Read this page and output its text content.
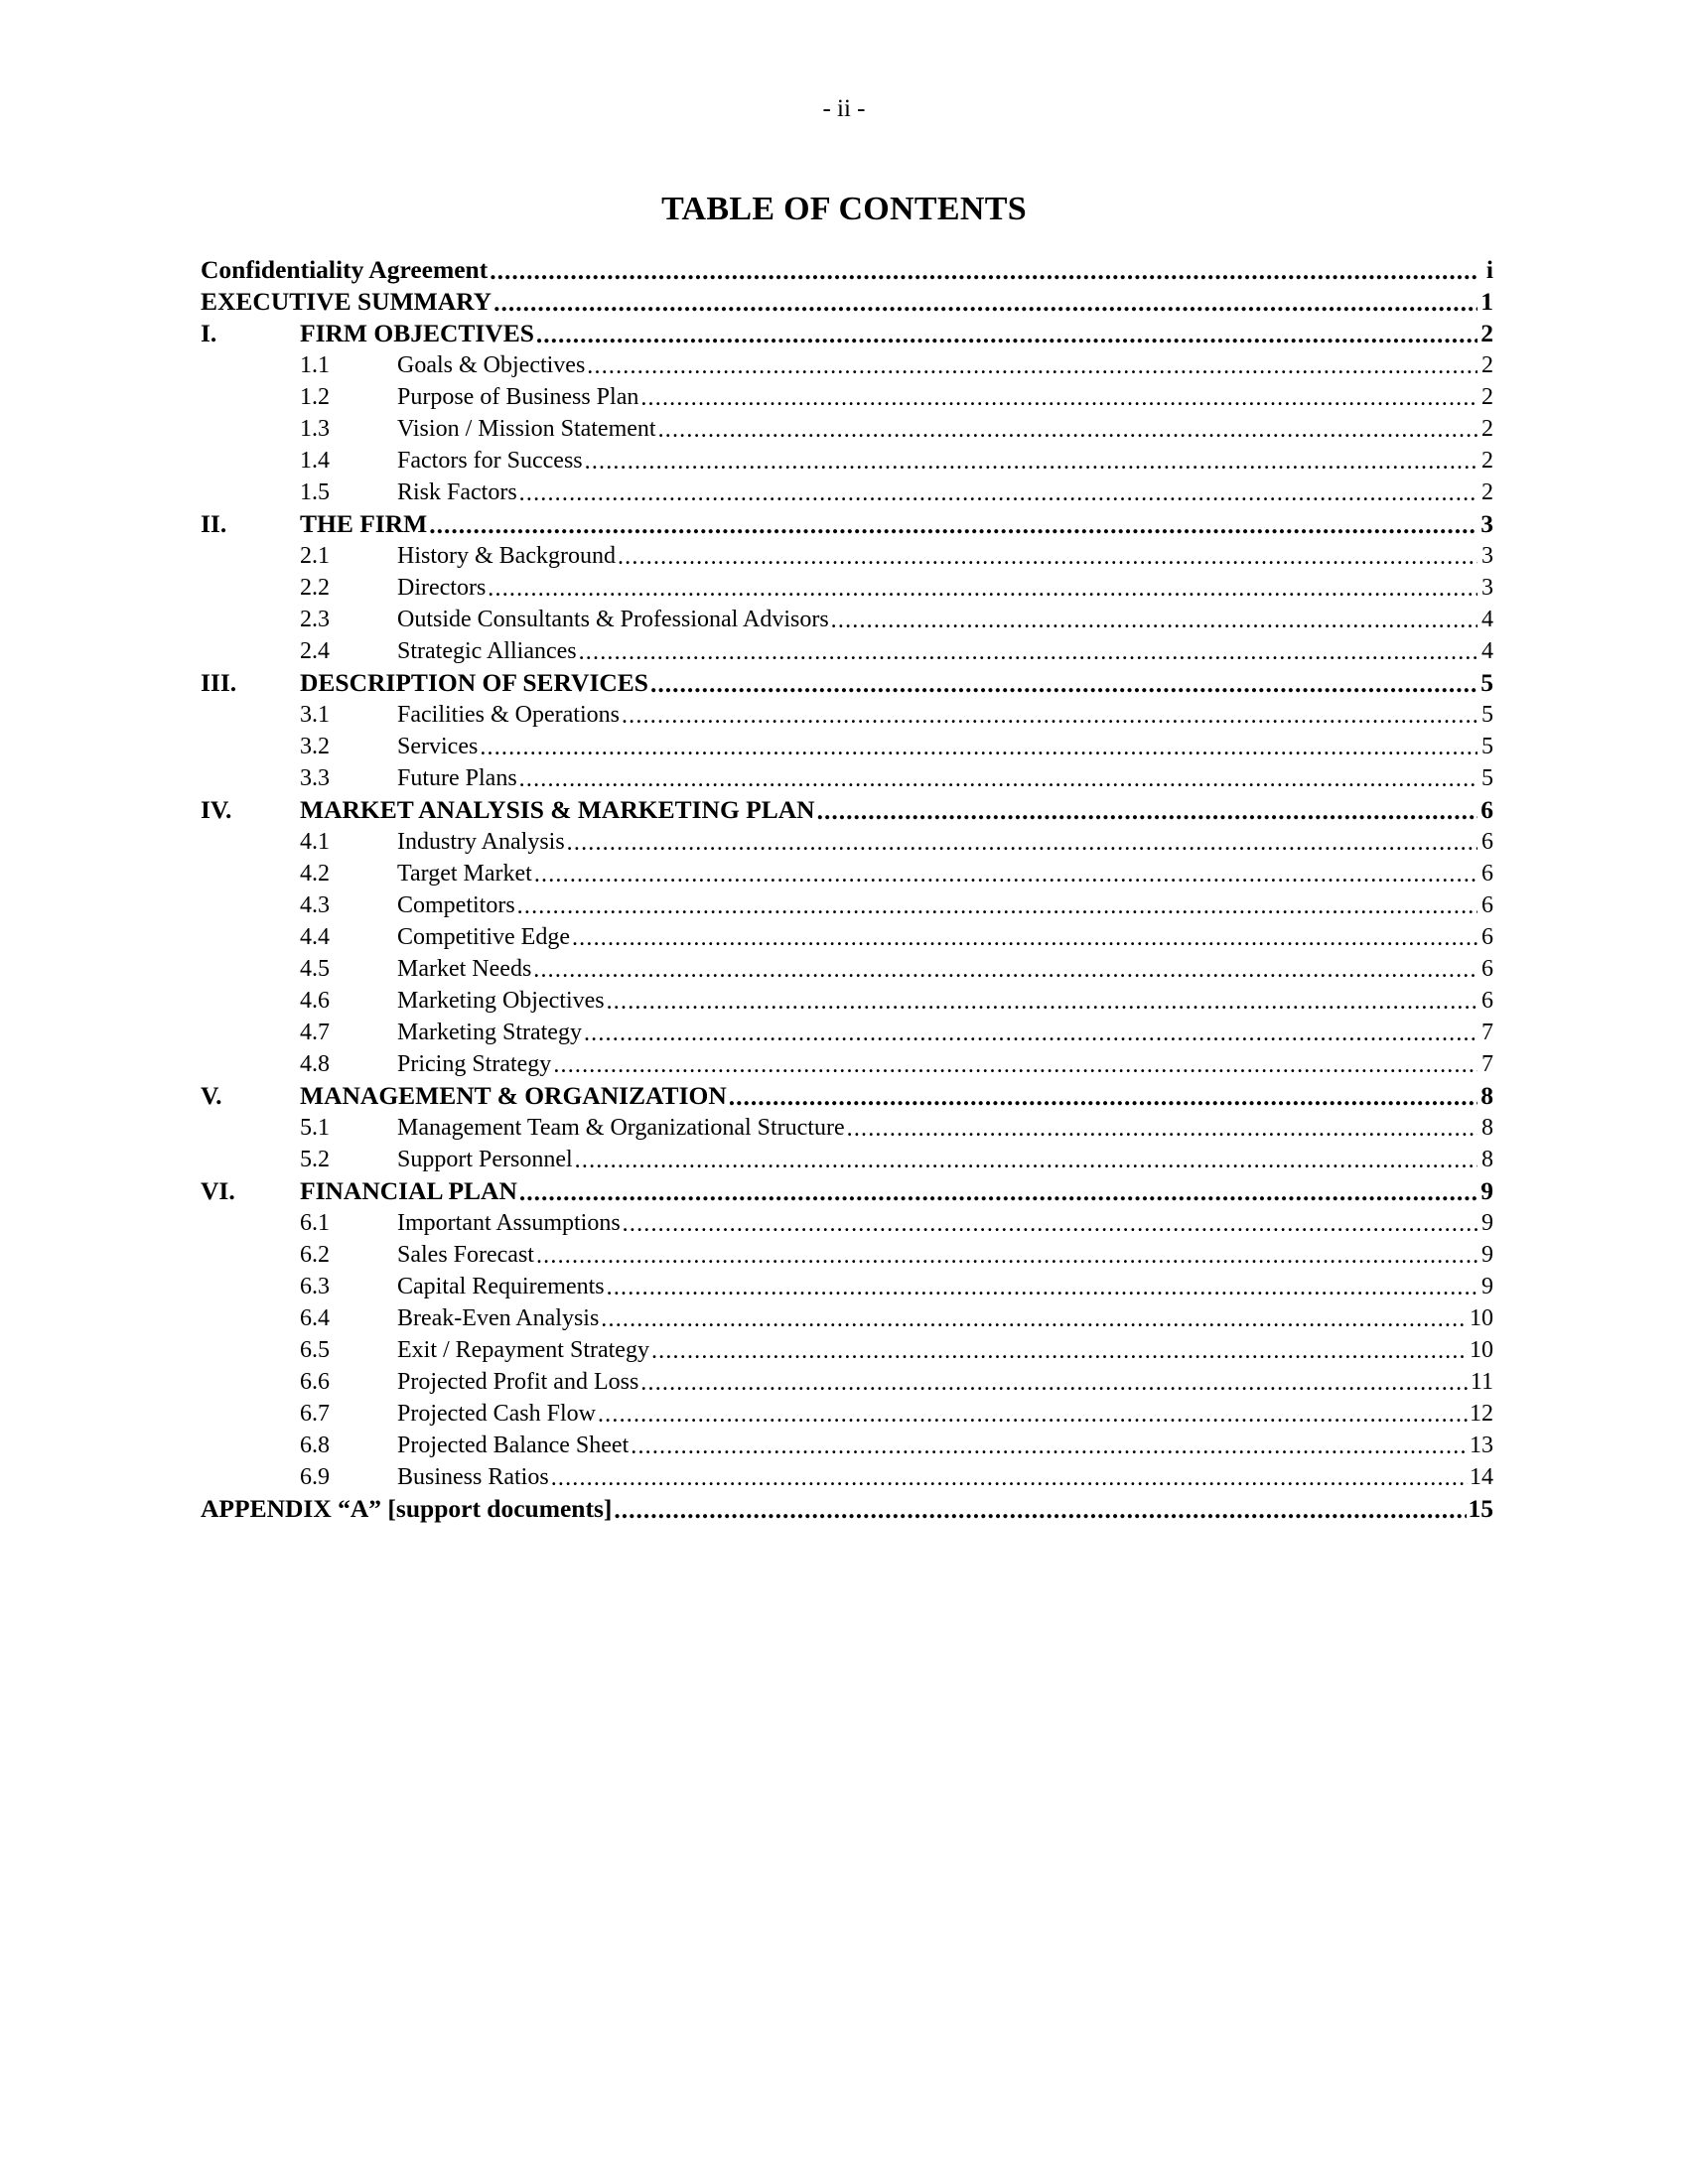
- ii -
TABLE OF CONTENTS
Confidentiality Agreement .....	i
EXECUTIVE SUMMARY .....	1
I.	FIRM OBJECTIVES .....	2
1.1	Goals & Objectives .....	2
1.2	Purpose of Business Plan .....	2
1.3	Vision / Mission Statement .....	2
1.4	Factors for Success .....	2
1.5	Risk Factors .....	2
II.	THE FIRM .....	3
2.1	History & Background .....	3
2.2	Directors .....	3
2.3	Outside Consultants & Professional Advisors .....	4
2.4	Strategic Alliances .....	4
III.	DESCRIPTION OF SERVICES .....	5
3.1	Facilities & Operations .....	5
3.2	Services .....	5
3.3	Future Plans .....	5
IV.	MARKET ANALYSIS & MARKETING PLAN .....	6
4.1	Industry Analysis .....	6
4.2	Target Market .....	6
4.3	Competitors .....	6
4.4	Competitive Edge .....	6
4.5	Market Needs .....	6
4.6	Marketing Objectives .....	6
4.7	Marketing Strategy .....	7
4.8	Pricing Strategy .....	7
V.	MANAGEMENT & ORGANIZATION .....	8
5.1	Management Team & Organizational Structure .....	8
5.2	Support Personnel .....	8
VI.	FINANCIAL PLAN .....	9
6.1	Important Assumptions .....	9
6.2	Sales Forecast .....	9
6.3	Capital Requirements .....	9
6.4	Break-Even Analysis .....	10
6.5	Exit / Repayment Strategy .....	10
6.6	Projected Profit and Loss .....	11
6.7	Projected Cash Flow .....	12
6.8	Projected Balance Sheet .....	13
6.9	Business Ratios .....	14
APPENDIX “A” [support documents] .....	15
